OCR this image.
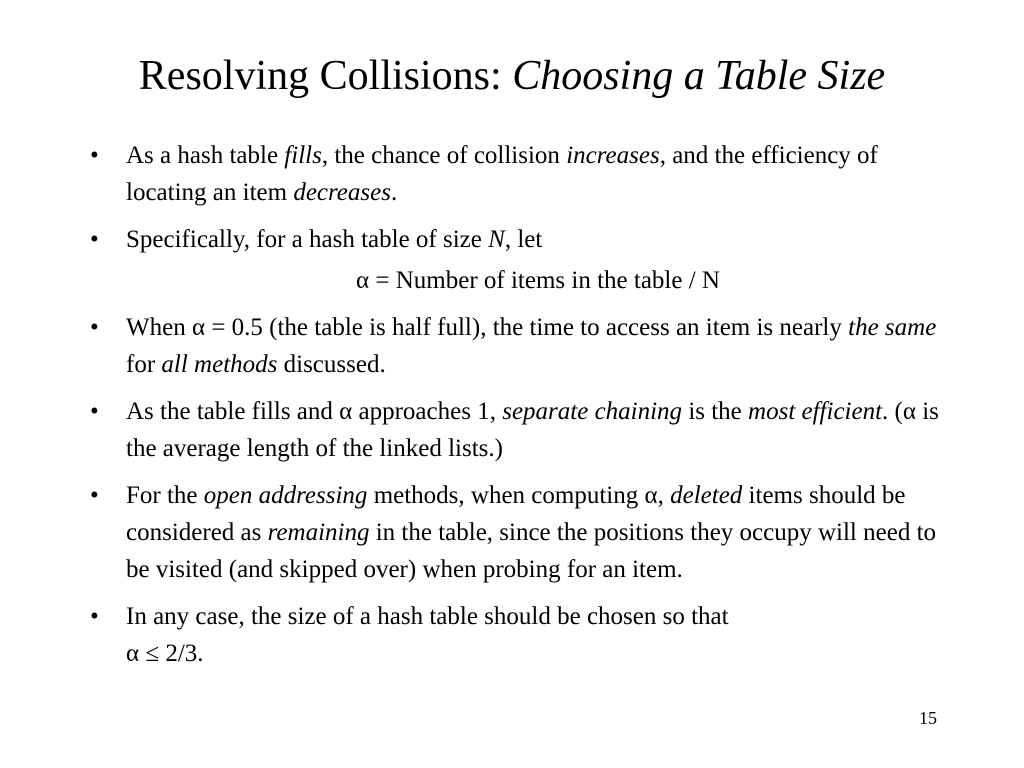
Resolving Collisions: Choosing a Table Size
• As a hash table fills, the chance of collision increases, and the efficiency of locating an item decreases.
• Specifically, for a hash table of size N, let
α = Number of items in the table / N
• When α = 0.5 (the table is half full), the time to access an item is nearly the same for all methods discussed.
• As the table fills and α approaches 1, separate chaining is the most efficient. (α is the average length of the linked lists.)
• For the open addressing methods, when computing α, deleted items should be considered as remaining in the table, since the positions they occupy will need to be visited (and skipped over) when probing for an item.
• In any case, the size of a hash table should be chosen so that
α ≤ 2/3.
15
